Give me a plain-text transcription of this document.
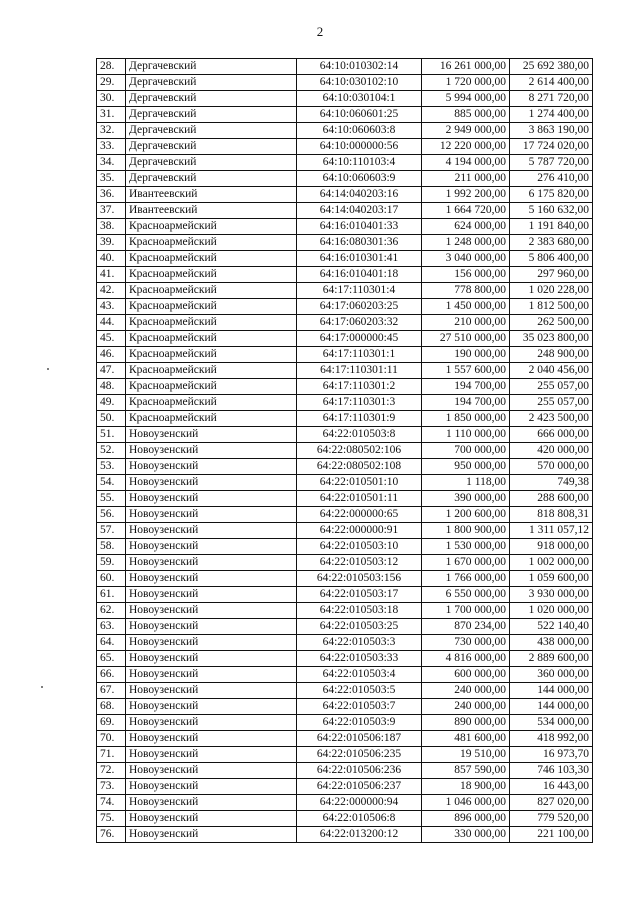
2
28.	Дергачевский	64:10:010302:14	16 261 000,00	25 692 380,00
29.	Дергачевский	64:10:030102:10	1 720 000,00	2 614 400,00
30.	Дергачевский	64:10:030104:1	5 994 000,00	8 271 720,00
31.	Дергачевский	64:10:060601:25	885 000,00	1 274 400,00
32.	Дергачевский	64:10:060603:8	2 949 000,00	3 863 190,00
33.	Дергачевский	64:10:000000:56	12 220 000,00	17 724 020,00
34.	Дергачевский	64:10:110103:4	4 194 000,00	5 787 720,00
35.	Дергачевский	64:10:060603:9	211 000,00	276 410,00
36.	Ивантеевский	64:14:040203:16	1 992 200,00	6 175 820,00
37.	Ивантеевский	64:14:040203:17	1 664 720,00	5 160 632,00
38.	Красноармейский	64:16:010401:33	624 000,00	1 191 840,00
39.	Красноармейский	64:16:080301:36	1 248 000,00	2 383 680,00
40.	Красноармейский	64:16:010301:41	3 040 000,00	5 806 400,00
41.	Красноармейский	64:16:010401:18	156 000,00	297 960,00
42.	Красноармейский	64:17:110301:4	778 800,00	1 020 228,00
43.	Красноармейский	64:17:060203:25	1 450 000,00	1 812 500,00
44.	Красноармейский	64:17:060203:32	210 000,00	262 500,00
45.	Красноармейский	64:17:000000:45	27 510 000,00	35 023 800,00
46.	Красноармейский	64:17:110301:1	190 000,00	248 900,00
47.	Красноармейский	64:17:110301:11	1 557 600,00	2 040 456,00
48.	Красноармейский	64:17:110301:2	194 700,00	255 057,00
49.	Красноармейский	64:17:110301:3	194 700,00	255 057,00
50.	Красноармейский	64:17:110301:9	1 850 000,00	2 423 500,00
51.	Новоузенский	64:22:010503:8	1 110 000,00	666 000,00
52.	Новоузенский	64:22:080502:106	700 000,00	420 000,00
53.	Новоузенский	64:22:080502:108	950 000,00	570 000,00
54.	Новоузенский	64:22:010501:10	1 118,00	749,38
55.	Новоузенский	64:22:010501:11	390 000,00	288 600,00
56.	Новоузенский	64:22:000000:65	1 200 600,00	818 808,31
57.	Новоузенский	64:22:000000:91	1 800 900,00	1 311 057,12
58.	Новоузенский	64:22:010503:10	1 530 000,00	918 000,00
59.	Новоузенский	64:22:010503:12	1 670 000,00	1 002 000,00
60.	Новоузенский	64:22:010503:156	1 766 000,00	1 059 600,00
61.	Новоузенский	64:22:010503:17	6 550 000,00	3 930 000,00
62.	Новоузенский	64:22:010503:18	1 700 000,00	1 020 000,00
63.	Новоузенский	64:22:010503:25	870 234,00	522 140,40
64.	Новоузенский	64:22:010503:3	730 000,00	438 000,00
65.	Новоузенский	64:22:010503:33	4 816 000,00	2 889 600,00
66.	Новоузенский	64:22:010503:4	600 000,00	360 000,00
67.	Новоузенский	64:22:010503:5	240 000,00	144 000,00
68.	Новоузенский	64:22:010503:7	240 000,00	144 000,00
69.	Новоузенский	64:22:010503:9	890 000,00	534 000,00
70.	Новоузенский	64:22:010506:187	481 600,00	418 992,00
71.	Новоузенский	64:22:010506:235	19 510,00	16 973,70
72.	Новоузенский	64:22:010506:236	857 590,00	746 103,30
73.	Новоузенский	64:22:010506:237	18 900,00	16 443,00
74.	Новоузенский	64:22:000000:94	1 046 000,00	827 020,00
75.	Новоузенский	64:22:010506:8	896 000,00	779 520,00
76.	Новоузенский	64:22:013200:12	330 000,00	221 100,00
